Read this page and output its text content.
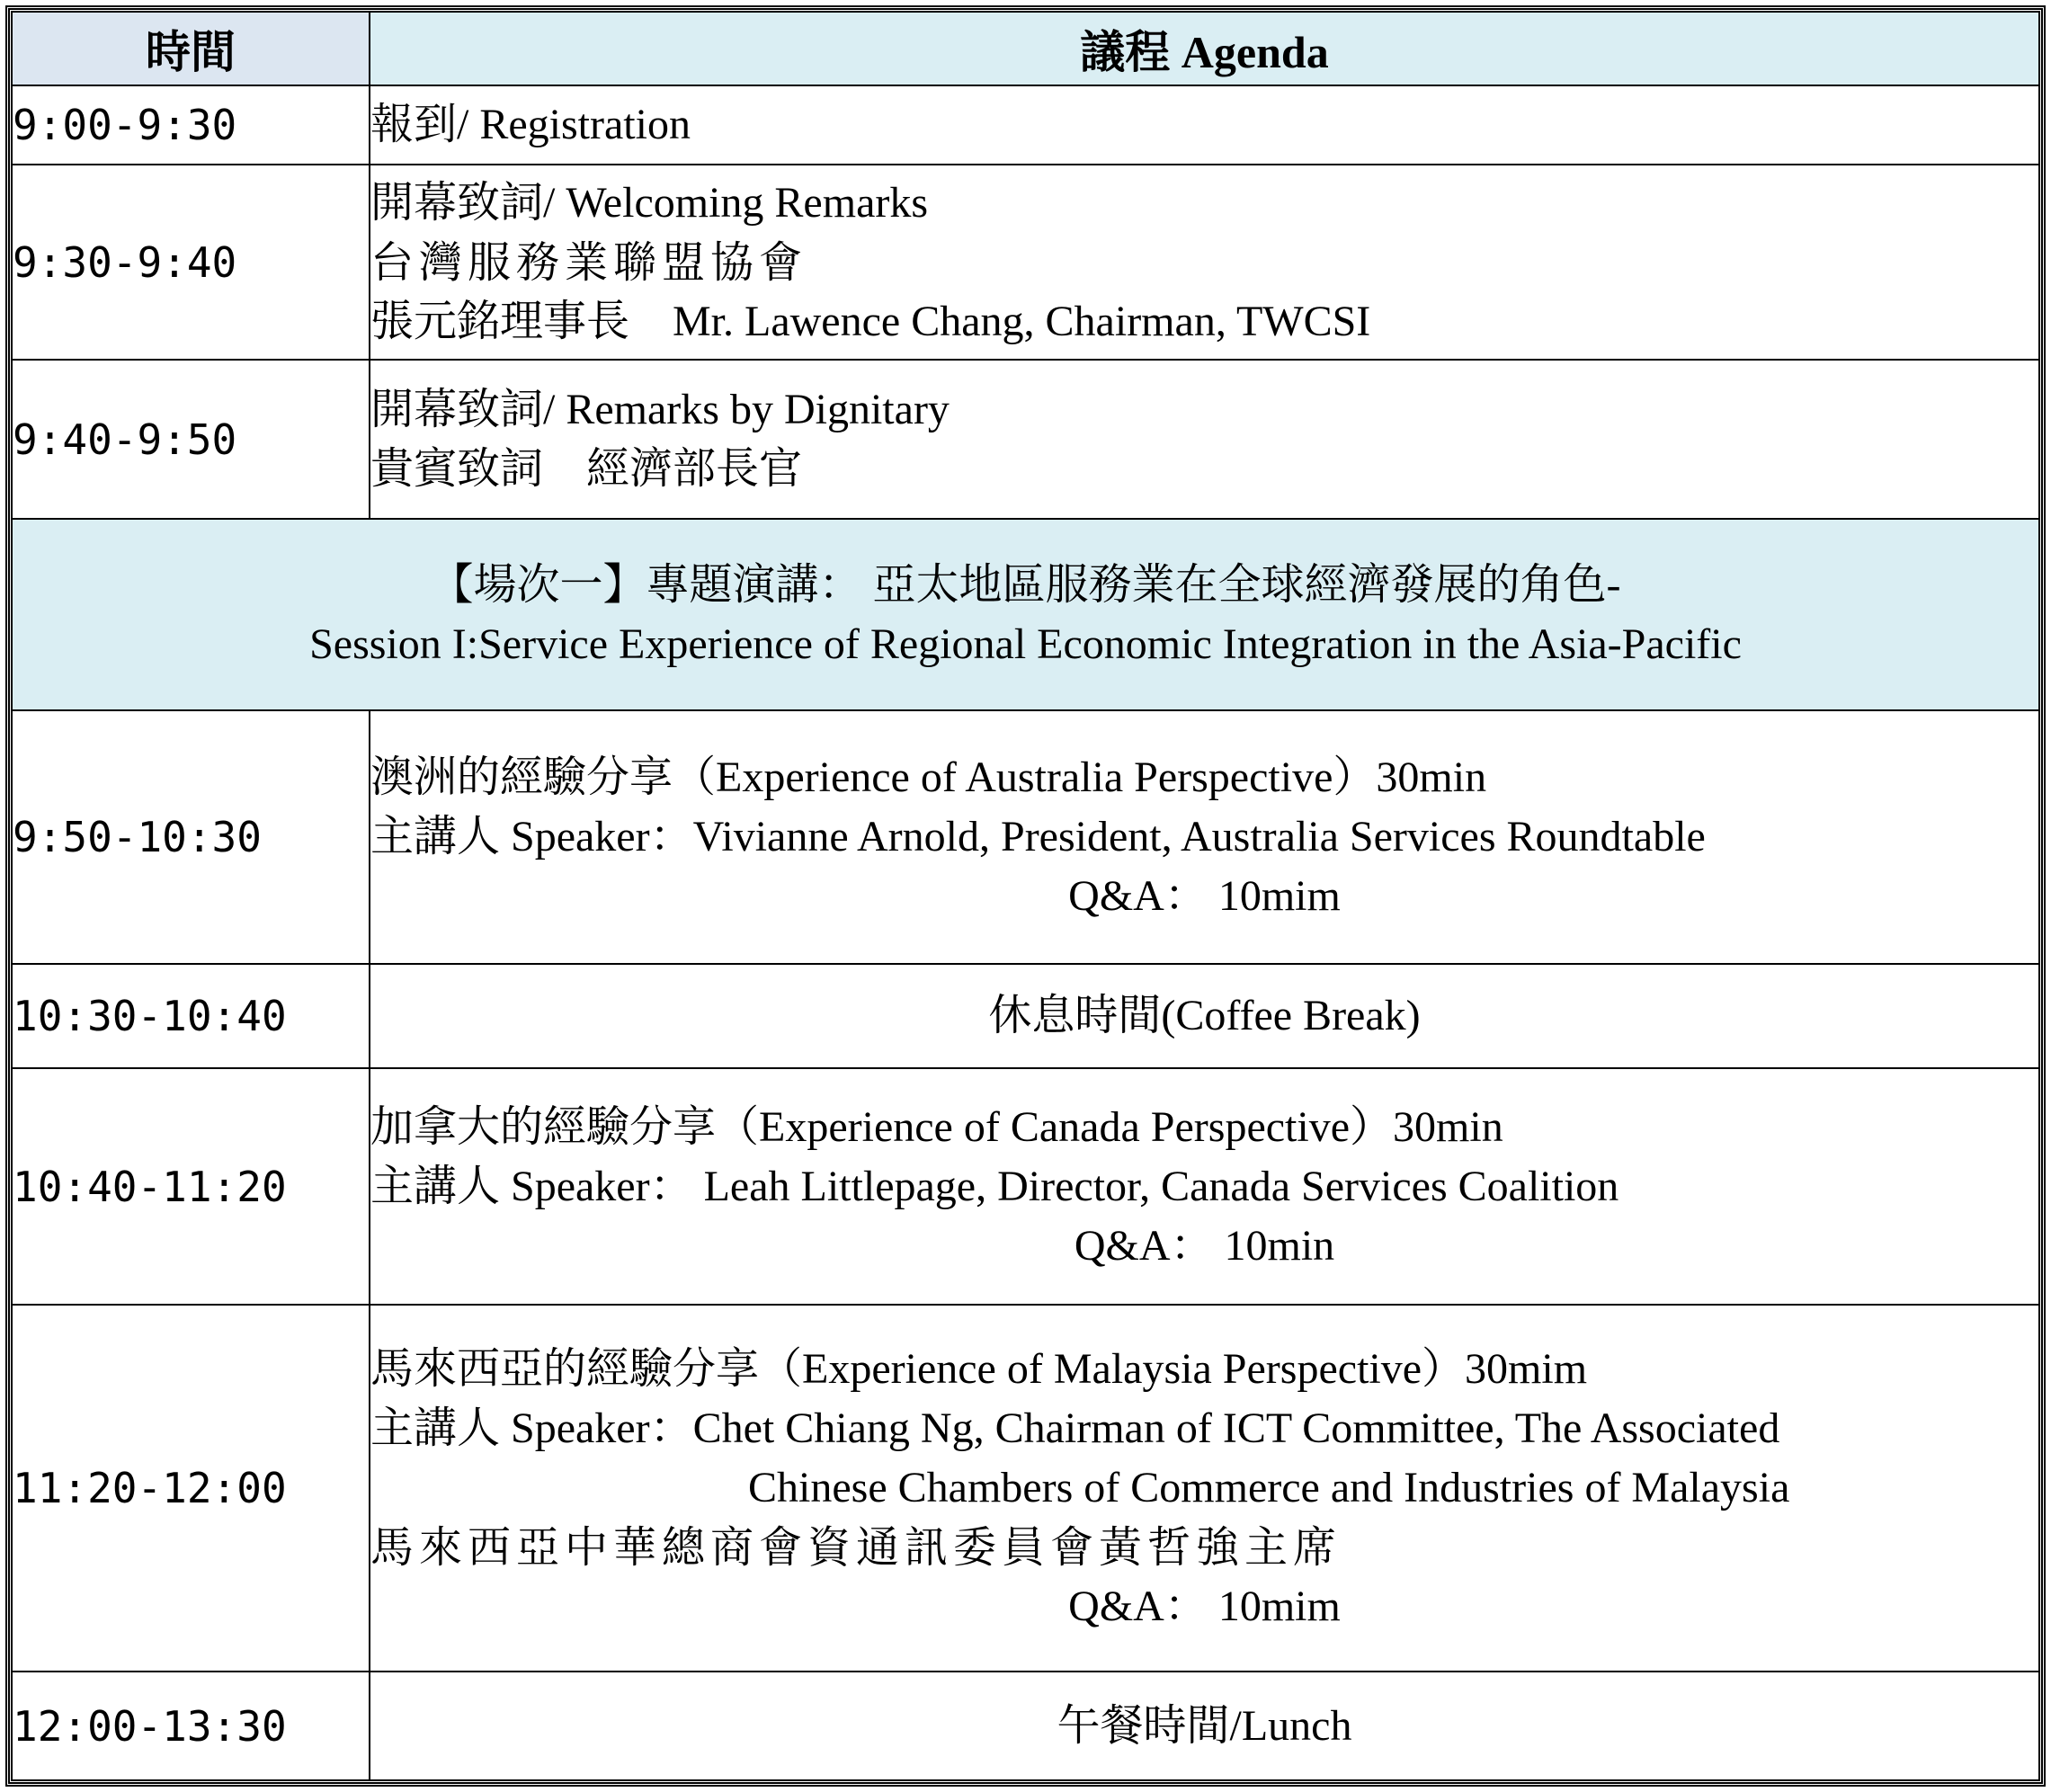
時間	議程 Agenda
9:00-9:30	報到/ Registration

9:30-9:40	開幕致詞/ Welcoming Remarks
台灣服務業聯盟協會
張元銘理事長　Mr. Lawence Chang, Chairman, TWCSI

9:40-9:50	開幕致詞/ Remarks by Dignitary
貴賓致詞　經濟部長官

【場次一】專題演講： 亞太地區服務業在全球經濟發展的角色-
Session I:Service Experience of Regional Economic Integration in the Asia-Pacific	

9:50-10:30	澳洲的經驗分享（Experience of Australia Perspective）30min
主講人 Speaker：Vivianne Arnold, President, Australia Services Roundtable
Q&A： 10mim

10:30-10:40	休息時間(Coffee Break)
10:40-11:20	加拿大的經驗分享（Experience of Canada Perspective）30min
主講人 Speaker： Leah Littlepage, Director, Canada Services Coalition
Q&A： 10min

11:20-12:00	馬來西亞的經驗分享（Experience of Malaysia Perspective）30mim
主講人 Speaker：Chet Chiang Ng, Chairman of ICT Committee, The Associated
Chinese Chambers of Commerce and Industries of Malaysia
馬來西亞中華總商會資通訊委員會黃哲強主席
Q&A： 10mim

12:00-13:30	午餐時間/Lunch
